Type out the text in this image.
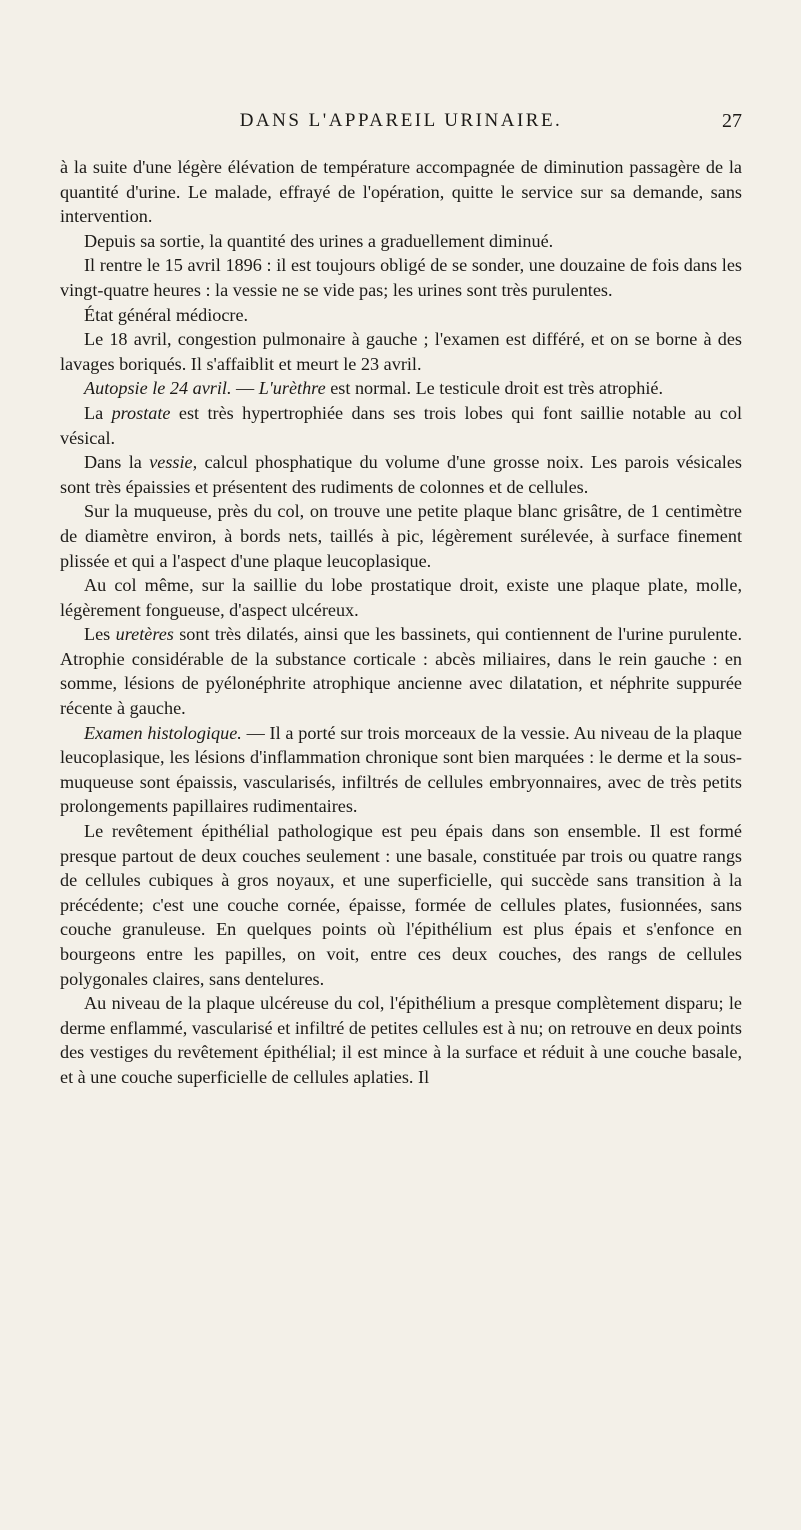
DANS L'APPAREIL URINAIRE.	27

à la suite d'une légère élévation de température accompagnée de diminution passagère de la quantité d'urine. Le malade, effrayé de l'opération, quitte le service sur sa demande, sans intervention.

Depuis sa sortie, la quantité des urines a graduellement diminué.

Il rentre le 15 avril 1896 : il est toujours obligé de se sonder, une douzaine de fois dans les vingt-quatre heures : la vessie ne se vide pas; les urines sont très purulentes.

État général médiocre.

Le 18 avril, congestion pulmonaire à gauche ; l'examen est différé, et on se borne à des lavages boriqués. Il s'affaiblit et meurt le 23 avril.

Autopsie le 24 avril. — L'urèthre est normal. Le testicule droit est très atrophié.

La prostate est très hypertrophiée dans ses trois lobes qui font saillie notable au col vésical.

Dans la vessie, calcul phosphatique du volume d'une grosse noix. Les parois vésicales sont très épaissies et présentent des rudiments de colonnes et de cellules.

Sur la muqueuse, près du col, on trouve une petite plaque blanc grisâtre, de 1 centimètre de diamètre environ, à bords nets, taillés à pic, légèrement surélevée, à surface finement plissée et qui a l'aspect d'une plaque leucoplasique.

Au col même, sur la saillie du lobe prostatique droit, existe une plaque plate, molle, légèrement fongueuse, d'aspect ulcéreux.

Les uretères sont très dilatés, ainsi que les bassinets, qui contiennent de l'urine purulente. Atrophie considérable de la substance corticale : abcès miliaires, dans le rein gauche : en somme, lésions de pyélonéphrite atrophique ancienne avec dilatation, et néphrite suppurée récente à gauche.

Examen histologique. — Il a porté sur trois morceaux de la vessie. Au niveau de la plaque leucoplasique, les lésions d'inflammation chronique sont bien marquées : le derme et la sous-muqueuse sont épaissis, vascularisés, infiltrés de cellules embryonnaires, avec de très petits prolongements papillaires rudimentaires.

Le revêtement épithélial pathologique est peu épais dans son ensemble. Il est formé presque partout de deux couches seulement : une basale, constituée par trois ou quatre rangs de cellules cubiques à gros noyaux, et une superficielle, qui succède sans transition à la précédente; c'est une couche cornée, épaisse, formée de cellules plates, fusionnées, sans couche granuleuse. En quelques points où l'épithélium est plus épais et s'enfonce en bourgeons entre les papilles, on voit, entre ces deux couches, des rangs de cellules polygonales claires, sans dentelures.

Au niveau de la plaque ulcéreuse du col, l'épithélium a presque complètement disparu; le derme enflammé, vascularisé et infiltré de petites cellules est à nu; on retrouve en deux points des vestiges du revêtement épithélial; il est mince à la surface et réduit à une couche basale, et à une couche superficielle de cellules aplaties. Il
